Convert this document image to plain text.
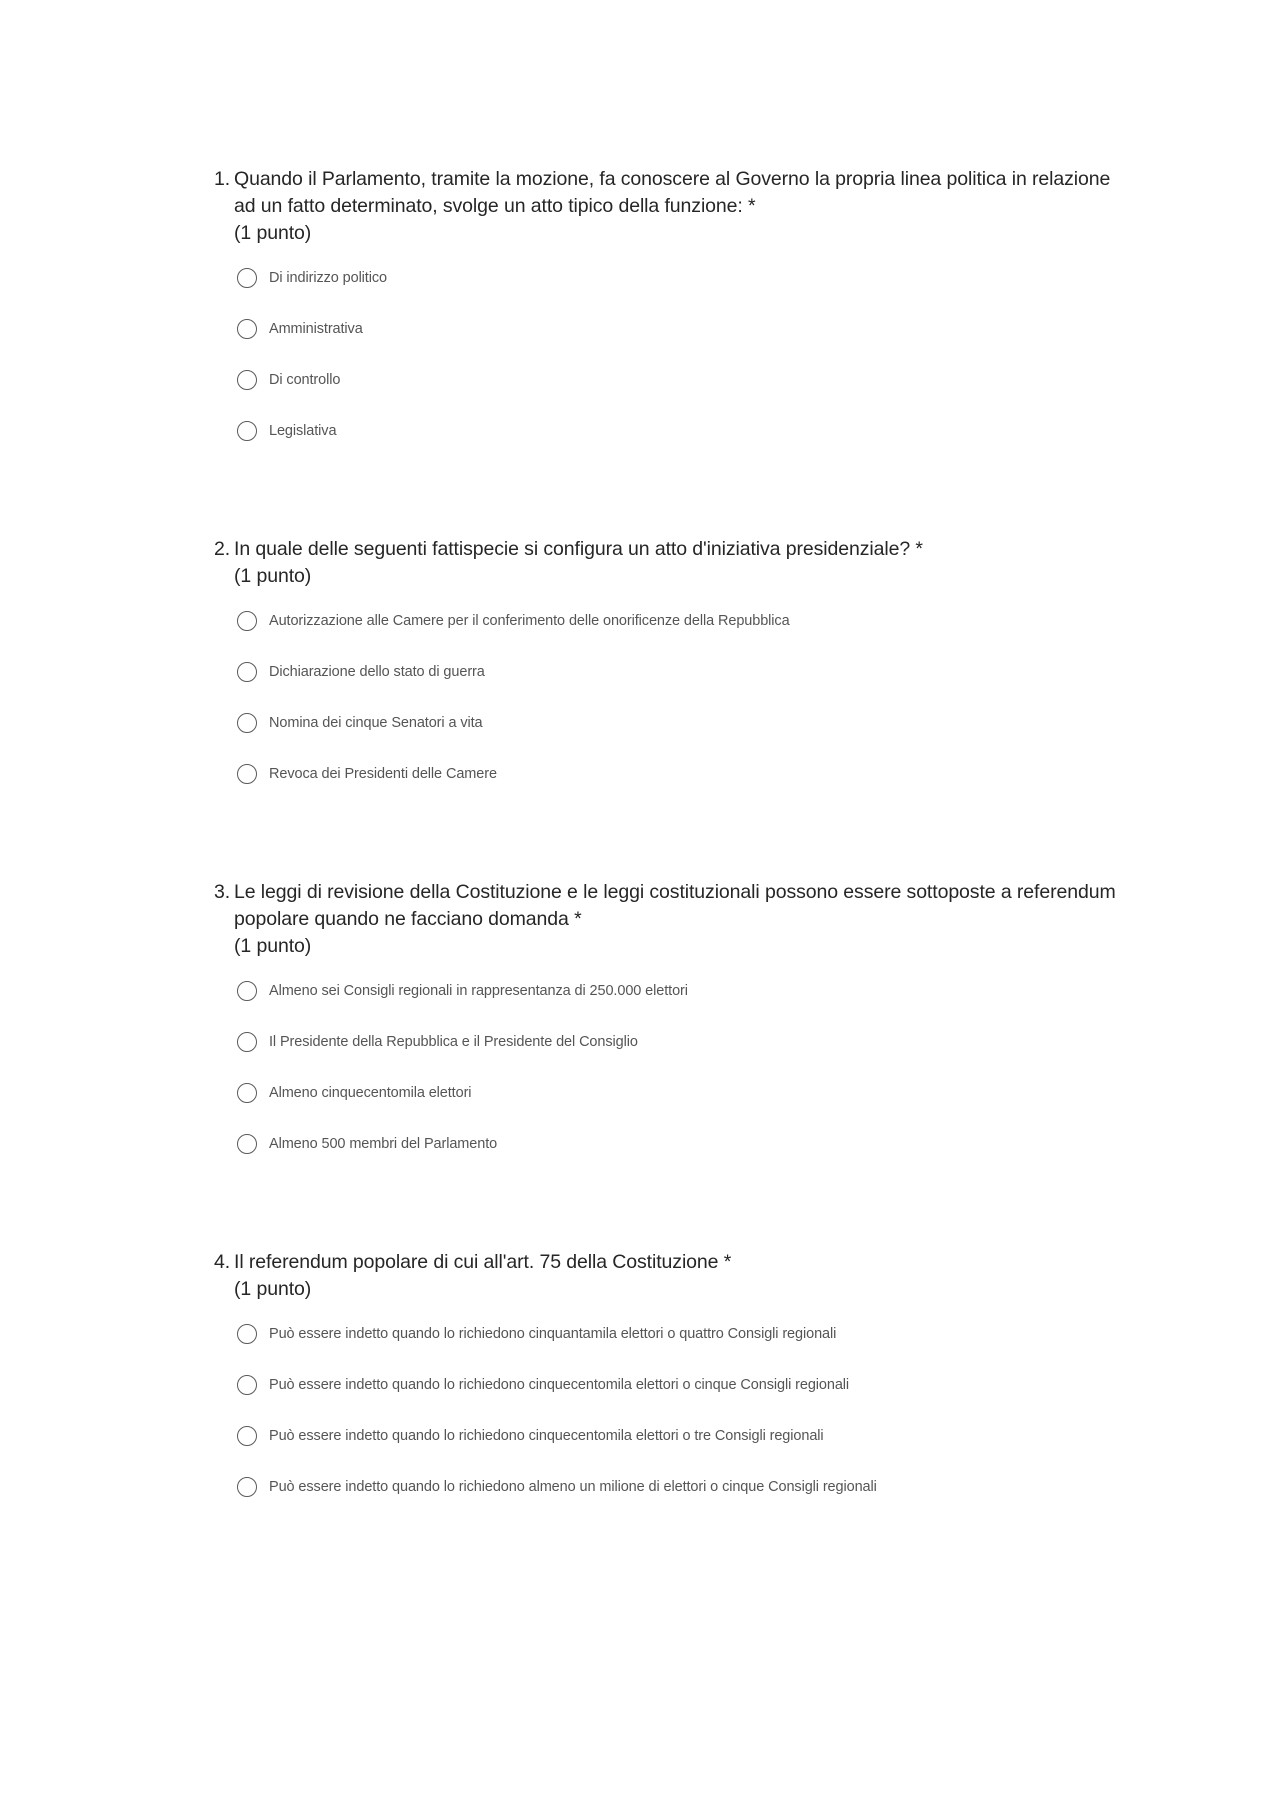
1. Quando il Parlamento, tramite la mozione, fa conoscere al Governo la propria linea politica in relazione ad un fatto determinato, svolge un atto tipico della funzione: *
(1 punto)
Di indirizzo politico
Amministrativa
Di controllo
Legislativa
2. In quale delle seguenti fattispecie si configura un atto d'iniziativa presidenziale? *
(1 punto)
Autorizzazione alle Camere per il conferimento delle onorificenze della Repubblica
Dichiarazione dello stato di guerra
Nomina dei cinque Senatori a vita
Revoca dei Presidenti delle Camere
3. Le leggi di revisione della Costituzione e le leggi costituzionali possono essere sottoposte a referendum popolare quando ne facciano domanda *
(1 punto)
Almeno sei Consigli regionali in rappresentanza di 250.000 elettori
Il Presidente della Repubblica e il Presidente del Consiglio
Almeno cinquecentomila elettori
Almeno 500 membri del Parlamento
4. Il referendum popolare di cui all'art. 75 della Costituzione *
(1 punto)
Può essere indetto quando lo richiedono cinquantamila elettori o quattro Consigli regionali
Può essere indetto quando lo richiedono cinquecentomila elettori o cinque Consigli regionali
Può essere indetto quando lo richiedono cinquecentomila elettori o tre Consigli regionali
Può essere indetto quando lo richiedono almeno un milione di elettori o cinque Consigli regionali
